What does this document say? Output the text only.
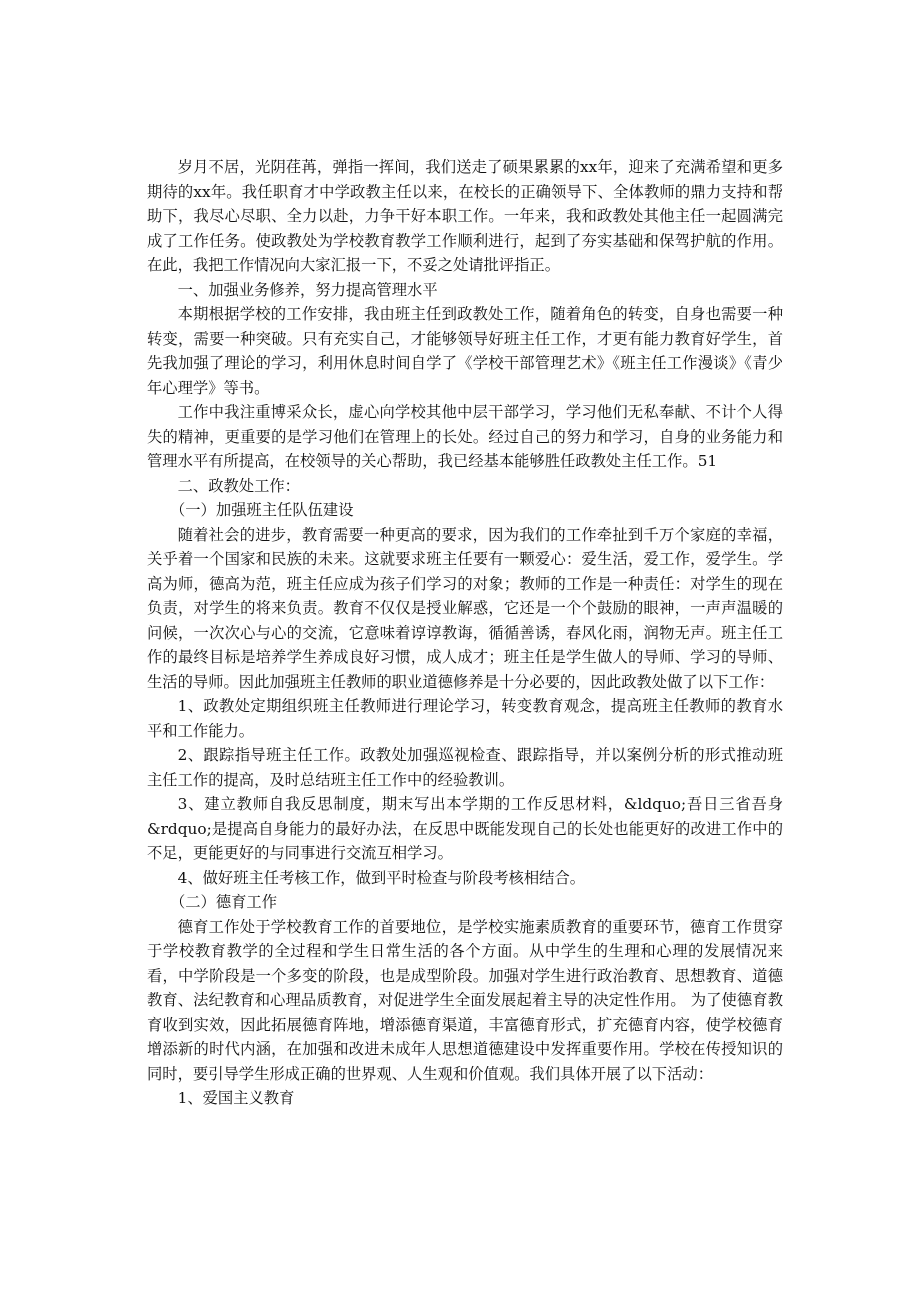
岁月不居，光阴荏苒，弹指一挥间，我们送走了硕果累累的xx年，迎来了充满希望和更多期待的xx年。我任职育才中学政教主任以来，在校长的正确领导下、全体教师的鼎力支持和帮助下，我尽心尽职、全力以赴，力争干好本职工作。一年来，我和政教处其他主任一起圆满完成了工作任务。使政教处为学校教育教学工作顺利进行，起到了夯实基础和保驾护航的作用。在此，我把工作情况向大家汇报一下，不妥之处请批评指正。

一、加强业务修养，努力提高管理水平

本期根据学校的工作安排，我由班主任到政教处工作，随着角色的转变，自身也需要一种转变，需要一种突破。只有充实自己，才能够领导好班主任工作，才更有能力教育好学生，首先我加强了理论的学习，利用休息时间自学了《学校干部管理艺术》《班主任工作漫谈》《青少年心理学》等书。

工作中我注重博采众长，虚心向学校其他中层干部学习，学习他们无私奉献、不计个人得失的精神，更重要的是学习他们在管理上的长处。经过自己的努力和学习，自身的业务能力和管理水平有所提高，在校领导的关心帮助，我已经基本能够胜任政教处主任工作。51

二、政教处工作：

（一）加强班主任队伍建设

随着社会的进步，教育需要一种更高的要求，因为我们的工作牵扯到千万个家庭的幸福，关乎着一个国家和民族的未来。这就要求班主任要有一颗爱心：爱生活，爱工作，爱学生。学高为师，德高为范，班主任应成为孩子们学习的对象；教师的工作是一种责任：对学生的现在负责，对学生的将来负责。教育不仅仅是授业解惑，它还是一个个鼓励的眼神，一声声温暖的问候，一次次心与心的交流，它意味着谆谆教诲，循循善诱，春风化雨，润物无声。班主任工作的最终目标是培养学生养成良好习惯，成人成才；班主任是学生做人的导师、学习的导师、生活的导师。因此加强班主任教师的职业道德修养是十分必要的，因此政教处做了以下工作：

1、政教处定期组织班主任教师进行理论学习，转变教育观念，提高班主任教师的教育水平和工作能力。

2、跟踪指导班主任工作。政教处加强巡视检查、跟踪指导，并以案例分析的形式推动班主任工作的提高，及时总结班主任工作中的经验教训。

3、建立教师自我反思制度，期末写出本学期的工作反思材料，&ldquo;吾日三省吾身&rdquo;是提高自身能力的最好办法，在反思中既能发现自己的长处也能更好的改进工作中的不足，更能更好的与同事进行交流互相学习。

4、做好班主任考核工作，做到平时检查与阶段考核相结合。

（二）德育工作

德育工作处于学校教育工作的首要地位，是学校实施素质教育的重要环节，德育工作贯穿于学校教育教学的全过程和学生日常生活的各个方面。从中学生的生理和心理的发展情况来看，中学阶段是一个多变的阶段，也是成型阶段。加强对学生进行政治教育、思想教育、道德教育、法纪教育和心理品质教育，对促进学生全面发展起着主导的决定性作用。 为了使德育教育收到实效，因此拓展德育阵地，增添德育渠道，丰富德育形式，扩充德育内容，使学校德育增添新的时代内涵，在加强和改进未成年人思想道德建设中发挥重要作用。学校在传授知识的同时，要引导学生形成正确的世界观、人生观和价值观。我们具体开展了以下活动：

1、爱国主义教育
